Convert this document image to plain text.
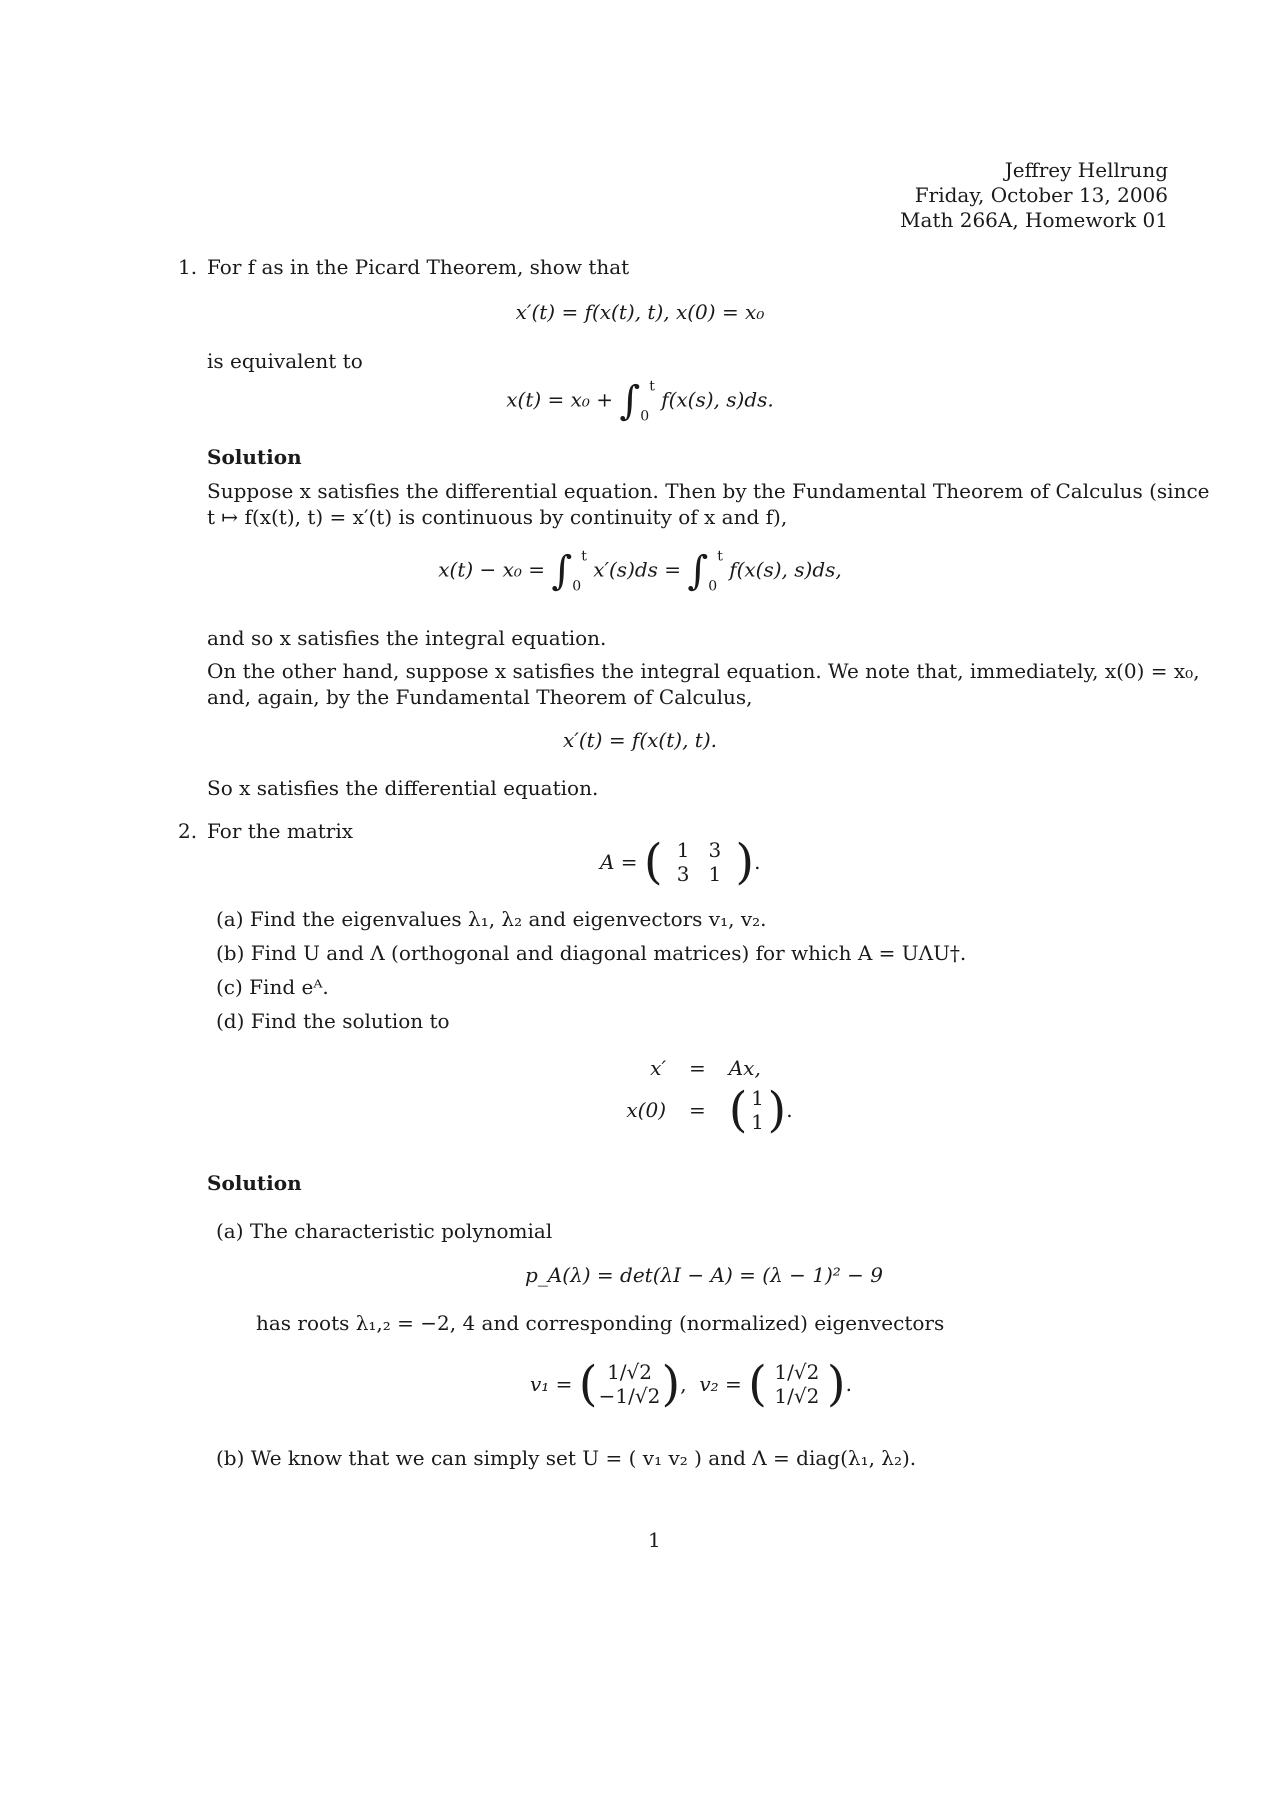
Jeffrey Hellrung
Friday, October 13, 2006
Math 266A, Homework 01
1. For f as in the Picard Theorem, show that
x′(t) = f(x(t), t), x(0) = x₀
is equivalent to
$x(t) = x_0 + \int_0^t$ f(x(s), s)ds.
Solution
Suppose x satisfies the differential equation. Then by the Fundamental Theorem of Calculus (since
t ↦ f(x(t), t) = x′(t) is continuous by continuity of x and f),
$x(t) - x_0 = \int_0^t$ $x'(s)ds = \int_0^t$ f(x(s), s)ds,
and so x satisfies the integral equation.
On the other hand, suppose x satisfies the integral equation. We note that, immediately, x(0) = x₀,
and, again, by the Fundamental Theorem of Calculus,
x′(t) = f(x(t), t).
So x satisfies the differential equation.
2. For the matrix
A = ( 1 3
3 1 ).
(a) Find the eigenvalues λ₁, λ₂ and eigenvectors v₁, v₂.
(b) Find U and Λ (orthogonal and diagonal matrices) for which A = UΛU†.
(c) Find eᴬ.
(d) Find the solution to
x′ = Ax,
x(0) = ( 1
1).
Solution
(a) The characteristic polynomial
p_A(λ) = det(λI − A) = (λ − 1)² − 9
has roots λ₁,₂ = −2, 4 and corresponding (normalized) eigenvectors
v₁ = ( 1/√2
−1/√2),  v₂ = ( 1/√2
1/√2 ).
(b) We know that we can simply set U = ( v₁ v₂ ) and Λ = diag(λ₁, λ₂).
1
